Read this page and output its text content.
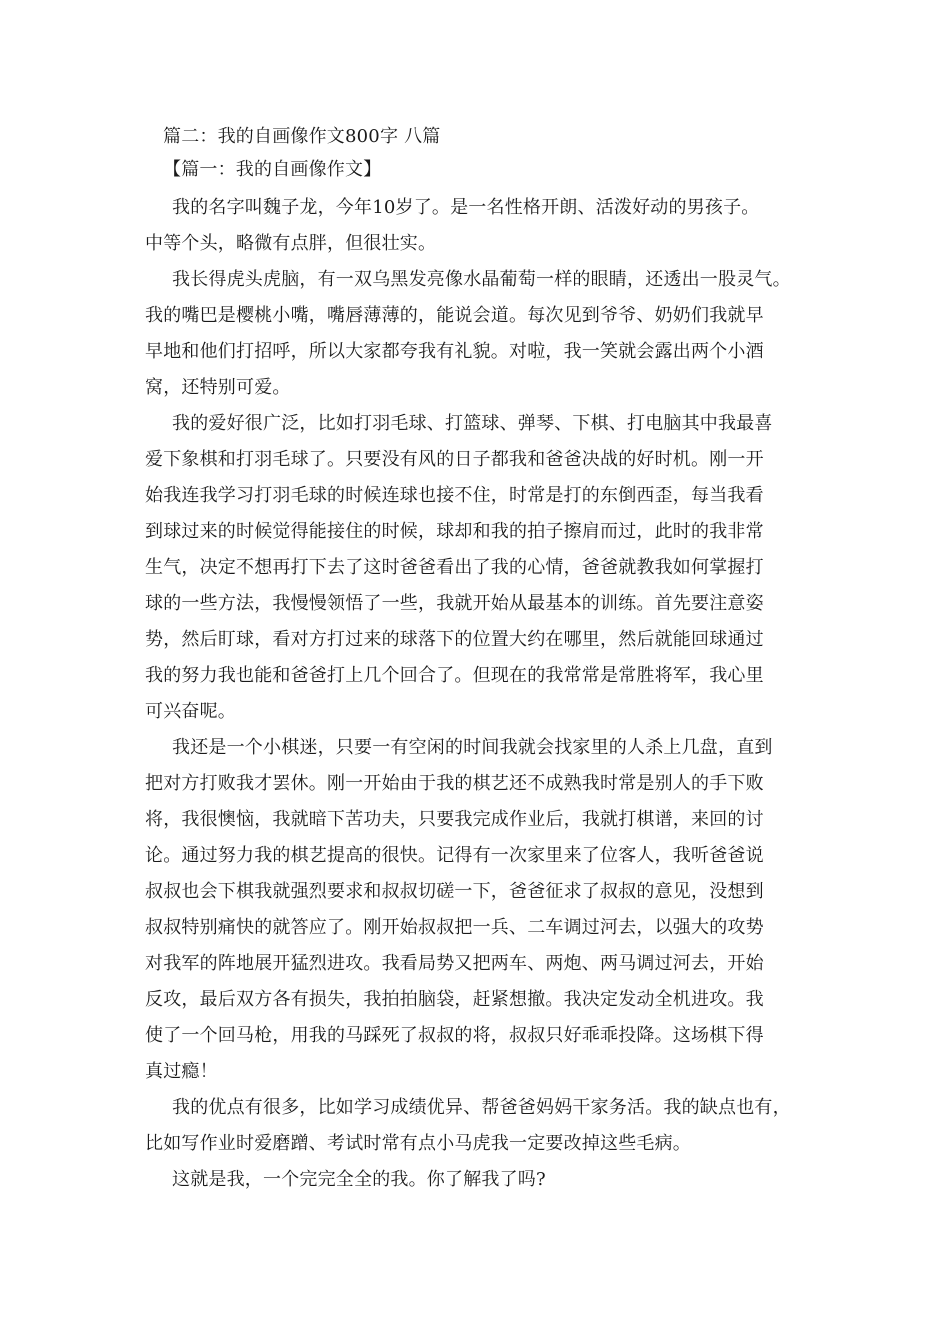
篇二：我的自画像作文800字 八篇
【篇一：我的自画像作文】
我的名字叫魏子龙，今年10岁了。是一名性格开朗、活泼好动的男孩子。
中等个头，略微有点胖，但很壮实。
我长得虎头虎脑，有一双乌黑发亮像水晶葡萄一样的眼睛，还透出一股灵气。
我的嘴巴是樱桃小嘴，嘴唇薄薄的，能说会道。每次见到爷爷、奶奶们我就早
早地和他们打招呼，所以大家都夸我有礼貌。对啦，我一笑就会露出两个小酒
窝，还特别可爱。
我的爱好很广泛，比如打羽毛球、打篮球、弹琴、下棋、打电脑其中我最喜
爱下象棋和打羽毛球了。只要没有风的日子都我和爸爸决战的好时机。刚一开
始我连我学习打羽毛球的时候连球也接不住，时常是打的东倒西歪，每当我看
到球过来的时候觉得能接住的时候，球却和我的拍子擦肩而过，此时的我非常
生气，决定不想再打下去了这时爸爸看出了我的心情，爸爸就教我如何掌握打
球的一些方法，我慢慢领悟了一些，我就开始从最基本的训练。首先要注意姿
势，然后盯球，看对方打过来的球落下的位置大约在哪里，然后就能回球通过
我的努力我也能和爸爸打上几个回合了。但现在的我常常是常胜将军，我心里
可兴奋呢。
我还是一个小棋迷，只要一有空闲的时间我就会找家里的人杀上几盘，直到
把对方打败我才罢休。刚一开始由于我的棋艺还不成熟我时常是别人的手下败
将，我很懊恼，我就暗下苦功夫，只要我完成作业后，我就打棋谱，来回的讨
论。通过努力我的棋艺提高的很快。记得有一次家里来了位客人，我听爸爸说
叔叔也会下棋我就强烈要求和叔叔切磋一下，爸爸征求了叔叔的意见，没想到
叔叔特别痛快的就答应了。刚开始叔叔把一兵、二车调过河去，以强大的攻势
对我军的阵地展开猛烈进攻。我看局势又把两车、两炮、两马调过河去，开始
反攻，最后双方各有损失，我拍拍脑袋，赶紧想撤。我决定发动全机进攻。我
使了一个回马枪，用我的马踩死了叔叔的将，叔叔只好乖乖投降。这场棋下得
真过瘾！
我的优点有很多，比如学习成绩优异、帮爸爸妈妈干家务活。我的缺点也有，
比如写作业时爱磨蹭、考试时常有点小马虎我一定要改掉这些毛病。
这就是我，一个完完全全的我。你了解我了吗?
